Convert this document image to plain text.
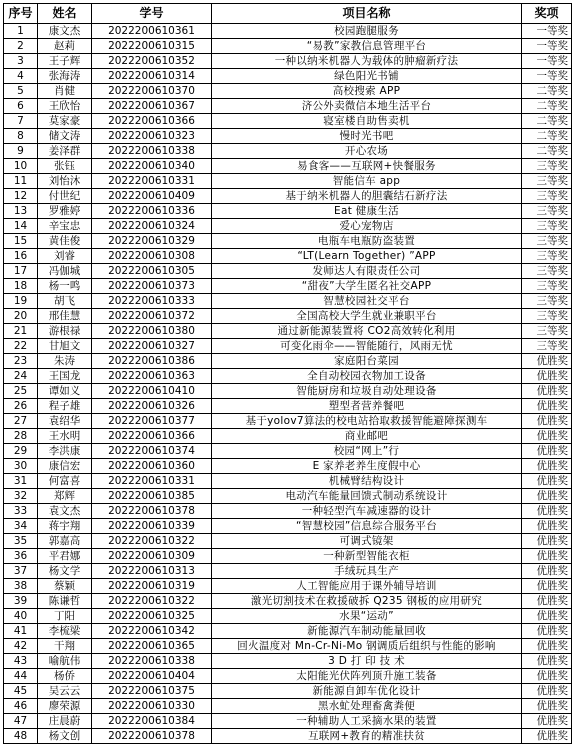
序号	姓名	学号	项目名称	奖项
1	康文杰	2022200610361	校园跑腿服务	一等奖
2	赵莉	2022200610315	“易教”家教信息管理平台	一等奖
3	王子辉	2022200610352	一种以纳米机器人为载体的肿瘤新疗法	一等奖
4	张海涛	2022200610314	绿色阳光书铺	一等奖
5	肖健	2022200610370	高校搜索 APP	二等奖
6	王欣怡	2022200610367	济公外卖微信本地生活平台	二等奖
7	莫家豪	2022200610366	寝室楼自助售卖机	二等奖
8	储文涛	2022200610323	慢时光书吧	二等奖
9	姜泽群	2022200610338	开心农场	二等奖
10	张钰	2022200610340	易食客——互联网+快餐服务	三等奖
11	刘怡沐	2022200610331	智能信车 app	三等奖
12	付世纪	2022200610409	基于纳米机器人的胆囊结石新疗法	三等奖
13	罗雅婷	2022200610336	Eat 健康生活	三等奖
14	辛宝忠	2022200610324	爱心宠物店	三等奖
15	黄佳俊	2022200610329	电瓶车电瓶防盗装置	三等奖
16	刘睿	2022200610308	“LT(Learn Together) ”APP	三等奖
17	冯伽城	2022200610305	发师达人有限责任公司	三等奖
18	杨一鸣	2022200610373	“甜夜”大学生匿名社交APP	三等奖
19	胡飞	2022200610333	智慧校园社交平台	三等奖
20	邢佳慧	2022200610372	全国高校大学生就业兼职平台	三等奖
21	游根禄	2022200610380	通过新能源装置将 CO2高效转化利用	三等奖
22	甘旭文	2022200610327	可变化雨伞——智能随行，风雨无忧	三等奖
23	朱涛	2022200610386	家庭阳台菜园	优胜奖
24	王国龙	2022200610363	全自动校园衣物加工设备	优胜奖
25	谭如义	2022200610410	智能厨房和垃圾自动处理设备	优胜奖
26	程子雄	2022200610326	塑型者营养餐吧	优胜奖
27	袁绍华	2022200610377	基于yolov7算法的校电站拾取救援智能避障探测车	优胜奖
28	王水明	2022200610366	商业邮吧	优胜奖
29	李洪康	2022200610374	校园“网上”行	优胜奖
30	康信宏	2022200610360	E 家养老养生度假中心	优胜奖
31	何富喜	2022200610331	机械臂结构设计	优胜奖
32	郑辉	2022200610385	电动汽车能量回馈式制动系统设计	优胜奖
33	袁文杰	2022200610378	一种轻型汽车减速器的设计	优胜奖
34	蒋宇翔	2022200610339	“智慧校园”信息综合服务平台	优胜奖
35	郭嘉高	2022200610322	可调式镜架	优胜奖
36	平君娜	2022200610309	一种新型智能衣柜	优胜奖
37	杨文学	2022200610313	手绒玩具生产	优胜奖
38	蔡颖	2022200610319	人工智能应用于课外辅导培训	优胜奖
39	陈谦哲	2022200610322	激光切割技术在救援破拆 Q235 钢板的应用研究	优胜奖
40	丁阳	2022200610325	水果“运动”	优胜奖
41	李梳梁	2022200610342	新能源汽车制动能量回收	优胜奖
42	干翔	2022200610365	回火温度对 Mn-Cr-Ni-Mo 钢调质后组织与性能的影响	优胜奖
43	喻航伟	2022200610338	3 D 打 印 技 术	优胜奖
44	杨侨	2022200610404	太阳能光伏阵列顶升施工装备	优胜奖
45	吴云云	2022200610375	新能源自卸车优化设计	优胜奖
46	廖荣源	2022200610330	黑水虻处理畜禽粪便	优胜奖
47	庄晨蔚	2022200610384	一种辅助人工采摘水果的装置	优胜奖
48	杨文创	2022200610378	互联网+教育的精准扶贫	优胜奖
